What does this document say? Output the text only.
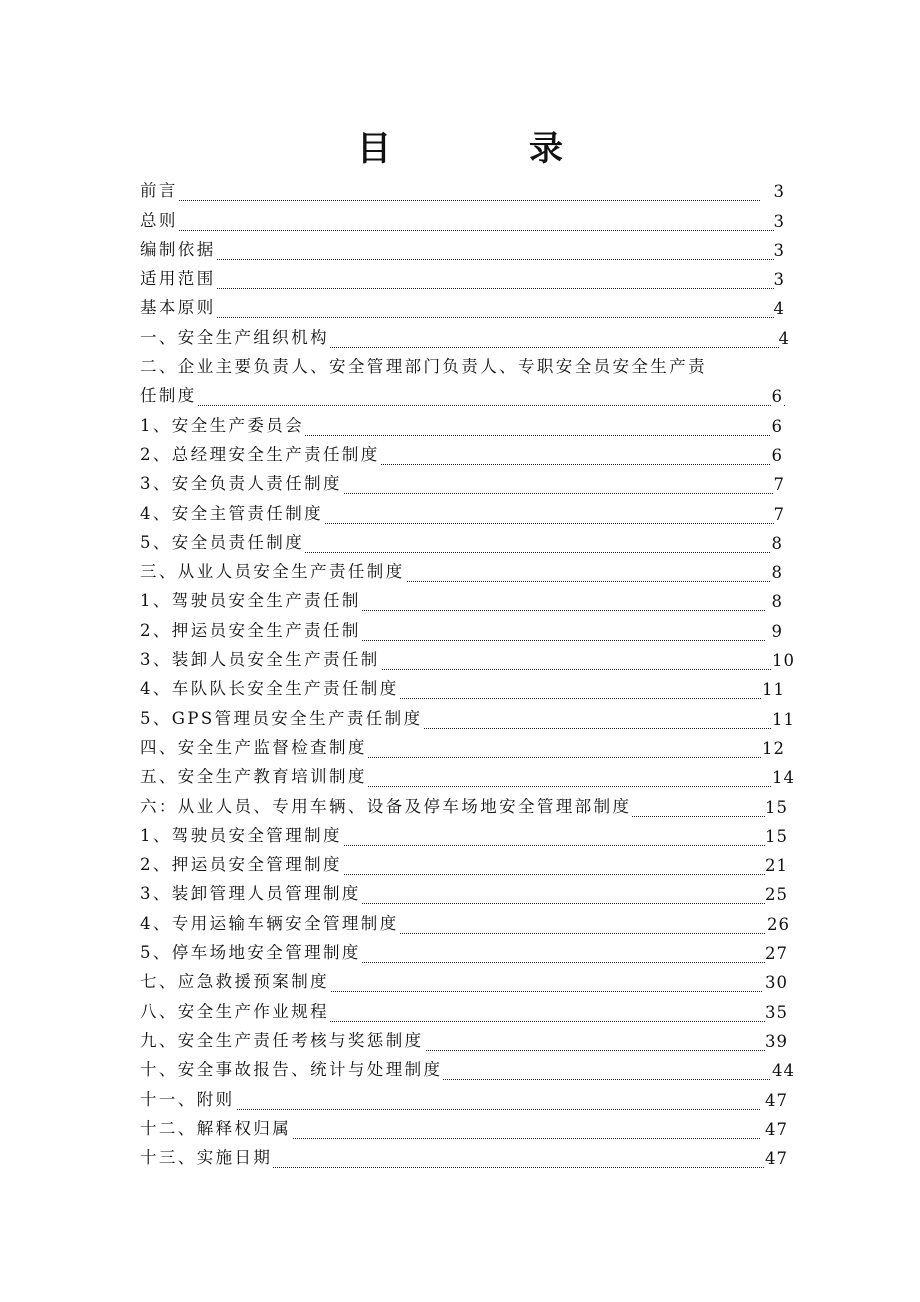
目　录
前言	3
总则	3
编制依据	3
适用范围	3
基本原则	4
一、安全生产组织机构	4
二、企业主要负责人、安全管理部门负责人、专职安全员安全生产责
任制度	6
1、安全生产委员会	6
2、总经理安全生产责任制度	6
3、安全负责人责任制度	7
4、安全主管责任制度	7
5、安全员责任制度	8
三、从业人员安全生产责任制度	8
1、驾驶员安全生产责任制	8
2、押运员安全生产责任制	9
3、装卸人员安全生产责任制	10
4、车队队长安全生产责任制度	11
5、GPS管理员安全生产责任制度	11
四、安全生产监督检查制度	12
五、安全生产教育培训制度	14
六：从业人员、专用车辆、设备及停车场地安全管理部制度	15
1、驾驶员安全管理制度	15
2、押运员安全管理制度	21
3、装卸管理人员管理制度	25
4、专用运输车辆安全管理制度	26
5、停车场地安全管理制度	27
七、应急救援预案制度	30
八、安全生产作业规程	35
九、安全生产责任考核与奖惩制度	39
十、安全事故报告、统计与处理制度	44
十一、附则	47
十二、解释权归属	47
十三、实施日期	47
